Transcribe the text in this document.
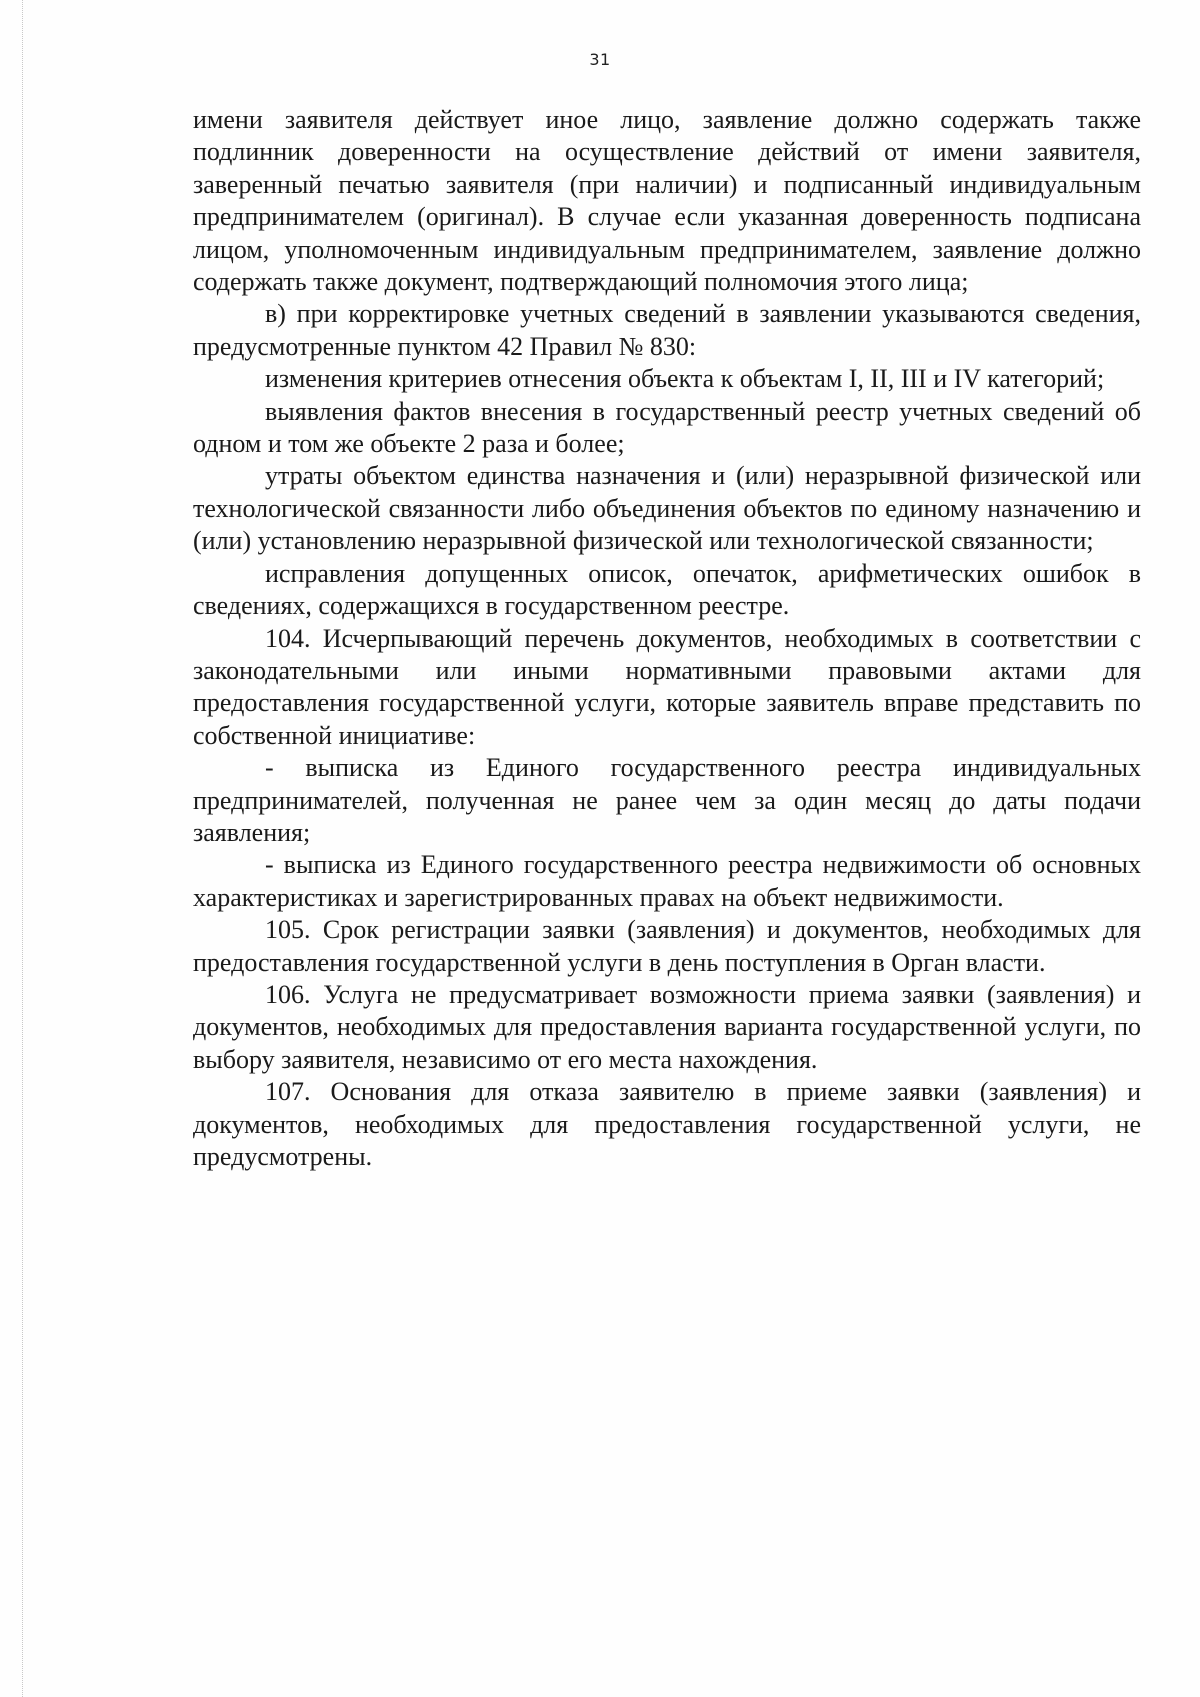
31

имени заявителя действует иное лицо, заявление должно содержать также подлинник доверенности на осуществление действий от имени заявителя, заверенный печатью заявителя (при наличии) и подписанный индивидуальным предпринимателем (оригинал). В случае если указанная доверенность подписана лицом, уполномоченным индивидуальным предпринимателем, заявление должно содержать также документ, подтверждающий полномочия этого лица;

в) при корректировке учетных сведений в заявлении указываются сведения, предусмотренные пунктом 42 Правил № 830:

изменения критериев отнесения объекта к объектам I, II, III и IV категорий;

выявления фактов внесения в государственный реестр учетных сведений об одном и том же объекте 2 раза и более;

утраты объектом единства назначения и (или) неразрывной физической или технологической связанности либо объединения объектов по единому назначению и (или) установлению неразрывной физической или технологической связанности;

исправления допущенных описок, опечаток, арифметических ошибок в сведениях, содержащихся в государственном реестре.

104. Исчерпывающий перечень документов, необходимых в соответствии с законодательными или иными нормативными правовыми актами для предоставления государственной услуги, которые заявитель вправе представить по собственной инициативе:

- выписка из Единого государственного реестра индивидуальных предпринимателей, полученная не ранее чем за один месяц до даты подачи заявления;

- выписка из Единого государственного реестра недвижимости об основных характеристиках и зарегистрированных правах на объект недвижимости.

105. Срок регистрации заявки (заявления) и документов, необходимых для предоставления государственной услуги в день поступления в Орган власти.

106. Услуга не предусматривает возможности приема заявки (заявления) и документов, необходимых для предоставления варианта государственной услуги, по выбору заявителя, независимо от его места нахождения.

107. Основания для отказа заявителю в приеме заявки (заявления) и документов, необходимых для предоставления государственной услуги, не предусмотрены.
